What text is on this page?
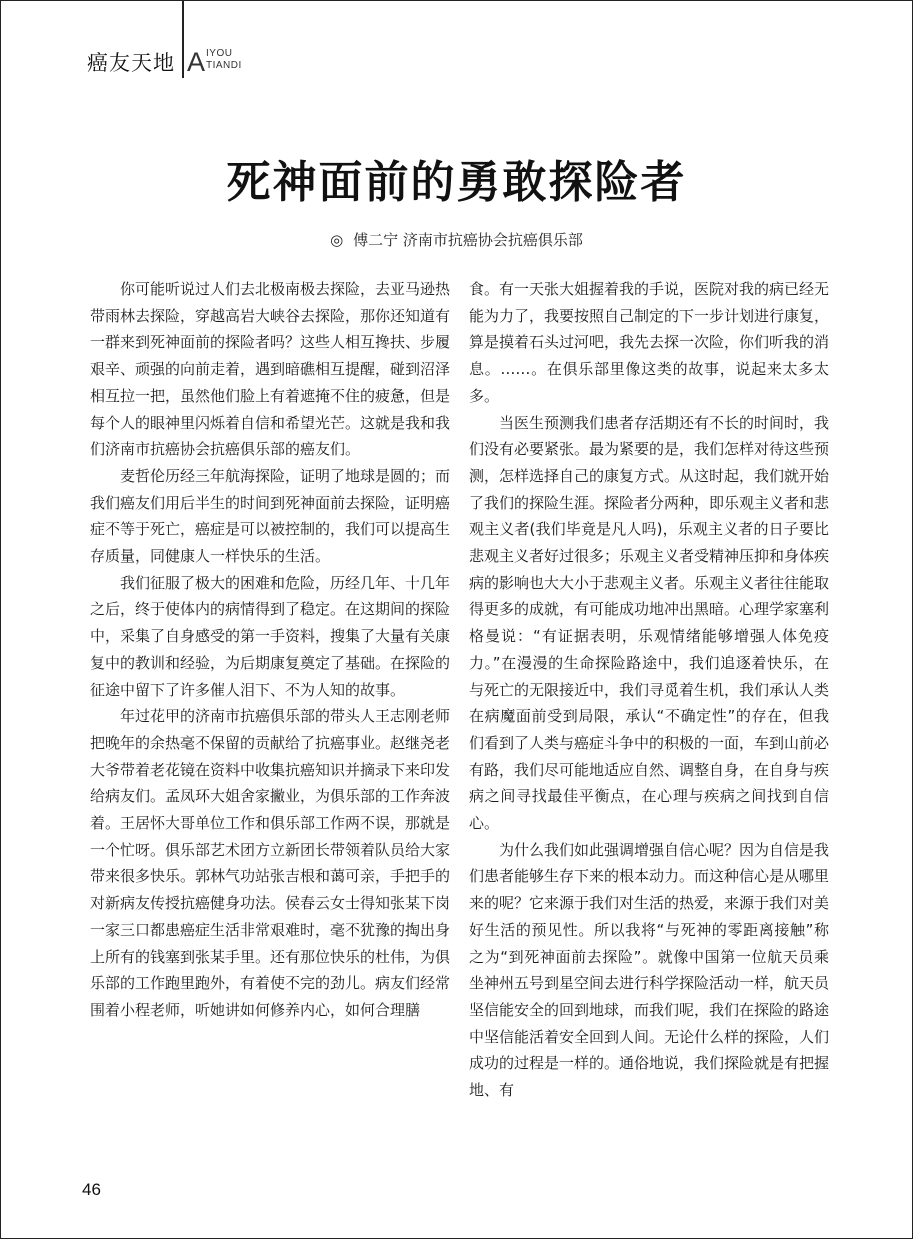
癌友天地 A IYOU
TIANDI
死神面前的勇敢探险者
◎ 傅二宁 济南市抗癌协会抗癌俱乐部

你可能听说过人们去北极南极去探险，去亚马逊热带雨林去探险，穿越高岩大峡谷去探险，那你还知道有一群来到死神面前的探险者吗？这些人相互搀扶、步履艰辛、顽强的向前走着，遇到暗礁相互提醒，碰到沼泽相互拉一把，虽然他们脸上有着遮掩不住的疲惫，但是每个人的眼神里闪烁着自信和希望光芒。这就是我和我们济南市抗癌协会抗癌俱乐部的癌友们。

麦哲伦历经三年航海探险，证明了地球是圆的；而我们癌友们用后半生的时间到死神面前去探险，证明癌症不等于死亡，癌症是可以被控制的，我们可以提高生存质量，同健康人一样快乐的生活。

我们征服了极大的困难和危险，历经几年、十几年之后，终于使体内的病情得到了稳定。在这期间的探险中，采集了自身感受的第一手资料，搜集了大量有关康复中的教训和经验，为后期康复奠定了基础。在探险的征途中留下了许多催人泪下、不为人知的故事。

年过花甲的济南市抗癌俱乐部的带头人王志刚老师把晚年的余热毫不保留的贡献给了抗癌事业。赵继尧老大爷带着老花镜在资料中收集抗癌知识并摘录下来印发给病友们。孟凤环大姐舍家撇业，为俱乐部的工作奔波着。王居怀大哥单位工作和俱乐部工作两不误，那就是一个忙呀。俱乐部艺术团方立新团长带领着队员给大家带来很多快乐。郭林气功站张吉根和蔼可亲，手把手的对新病友传授抗癌健身功法。侯春云女士得知张某下岗一家三口都患癌症生活非常艰难时，毫不犹豫的掏出身上所有的钱塞到张某手里。还有那位快乐的杜伟，为俱乐部的工作跑里跑外，有着使不完的劲儿。病友们经常围着小程老师，听她讲如何修养内心，如何合理膳

食。有一天张大姐握着我的手说，医院对我的病已经无能为力了，我要按照自己制定的下一步计划进行康复，算是摸着石头过河吧，我先去探一次险，你们听我的消息。……。在俱乐部里像这类的故事，说起来太多太多。

当医生预测我们患者存活期还有不长的时间时，我们没有必要紧张。最为紧要的是，我们怎样对待这些预测，怎样选择自己的康复方式。从这时起，我们就开始了我们的探险生涯。探险者分两种，即乐观主义者和悲观主义者(我们毕竟是凡人吗)，乐观主义者的日子要比悲观主义者好过很多；乐观主义者受精神压抑和身体疾病的影响也大大小于悲观主义者。乐观主义者往往能取得更多的成就，有可能成功地冲出黑暗。心理学家塞利格曼说：“有证据表明，乐观情绪能够增强人体免疫力。”在漫漫的生命探险路途中，我们追逐着快乐，在与死亡的无限接近中，我们寻觅着生机，我们承认人类在病魔面前受到局限，承认“不确定性”的存在，但我们看到了人类与癌症斗争中的积极的一面，车到山前必有路，我们尽可能地适应自然、调整自身，在自身与疾病之间寻找最佳平衡点，在心理与疾病之间找到自信心。

为什么我们如此强调增强自信心呢？因为自信是我们患者能够生存下来的根本动力。而这种信心是从哪里来的呢？它来源于我们对生活的热爱，来源于我们对美好生活的预见性。所以我将“与死神的零距离接触”称之为“到死神面前去探险”。就像中国第一位航天员乘坐神州五号到星空间去进行科学探险活动一样，航天员坚信能安全的回到地球，而我们呢，我们在探险的路途中坚信能活着安全回到人间。无论什么样的探险，人们成功的过程是一样的。通俗地说，我们探险就是有把握地、有

46
